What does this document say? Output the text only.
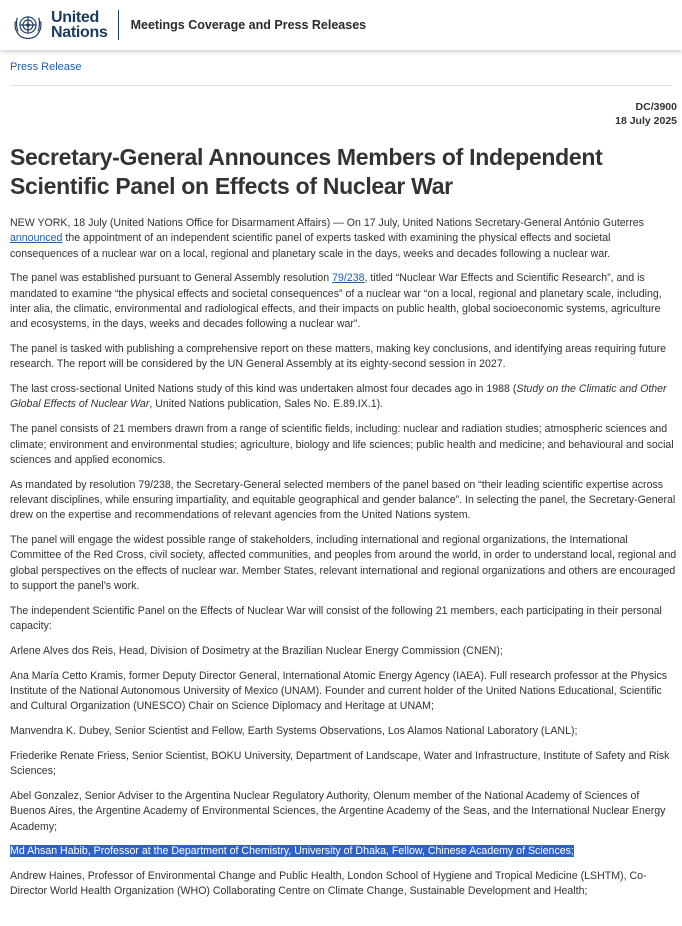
United
Nations Meetings Coverage and Press Releases
Press Release
DC/3900
18 July 2025
Secretary-General Announces Members of Independent Scientific Panel on Effects of Nuclear War

NEW YORK, 18 July (United Nations Office for Disarmament Affairs) — On 17 July, United Nations Secretary-General António Guterres announced the appointment of an independent scientific panel of experts tasked with examining the physical effects and societal consequences of a nuclear war on a local, regional and planetary scale in the days, weeks and decades following a nuclear war.

The panel was established pursuant to General Assembly resolution 79/238, titled “Nuclear War Effects and Scientific Research”, and is mandated to examine “the physical effects and societal consequences” of a nuclear war “on a local, regional and planetary scale, including, inter alia, the climatic, environmental and radiological effects, and their impacts on public health, global socioeconomic systems, agriculture and ecosystems, in the days, weeks and decades following a nuclear war”.

The panel is tasked with publishing a comprehensive report on these matters, making key conclusions, and identifying areas requiring future research. The report will be considered by the UN General Assembly at its eighty-second session in 2027.

The last cross-sectional United Nations study of this kind was undertaken almost four decades ago in 1988 (Study on the Climatic and Other Global Effects of Nuclear War, United Nations publication, Sales No. E.89.IX.1).

The panel consists of 21 members drawn from a range of scientific fields, including: nuclear and radiation studies; atmospheric sciences and climate; environment and environmental studies; agriculture, biology and life sciences; public health and medicine; and behavioural and social sciences and applied economics.

As mandated by resolution 79/238, the Secretary-General selected members of the panel based on “their leading scientific expertise across relevant disciplines, while ensuring impartiality, and equitable geographical and gender balance”. In selecting the panel, the Secretary-General drew on the expertise and recommendations of relevant agencies from the United Nations system.

The panel will engage the widest possible range of stakeholders, including international and regional organizations, the International Committee of the Red Cross, civil society, affected communities, and peoples from around the world, in order to understand local, regional and global perspectives on the effects of nuclear war. Member States, relevant international and regional organizations and others are encouraged to support the panel’s work.

The independent Scientific Panel on the Effects of Nuclear War will consist of the following 21 members, each participating in their personal capacity:

Arlene Alves dos Reis, Head, Division of Dosimetry at the Brazilian Nuclear Energy Commission (CNEN);

Ana María Cetto Kramis, former Deputy Director General, International Atomic Energy Agency (IAEA). Full research professor at the Physics Institute of the National Autonomous University of Mexico (UNAM). Founder and current holder of the United Nations Educational, Scientific and Cultural Organization (UNESCO) Chair on Science Diplomacy and Heritage at UNAM;

Manvendra K. Dubey, Senior Scientist and Fellow, Earth Systems Observations, Los Alamos National Laboratory (LANL);

Friederike Renate Friess, Senior Scientist, BOKU University, Department of Landscape, Water and Infrastructure, Institute of Safety and Risk Sciences;

Abel Gonzalez, Senior Adviser to the Argentina Nuclear Regulatory Authority, Olenum member of the National Academy of Sciences of Buenos Aires, the Argentine Academy of Environmental Sciences, the Argentine Academy of the Seas, and the International Nuclear Energy Academy;

Md Ahsan Habib, Professor at the Department of Chemistry, University of Dhaka, Fellow, Chinese Academy of Sciences;

Andrew Haines, Professor of Environmental Change and Public Health, London School of Hygiene and Tropical Medicine (LSHTM), Co-Director World Health Organization (WHO) Collaborating Centre on Climate Change, Sustainable Development and Health;
